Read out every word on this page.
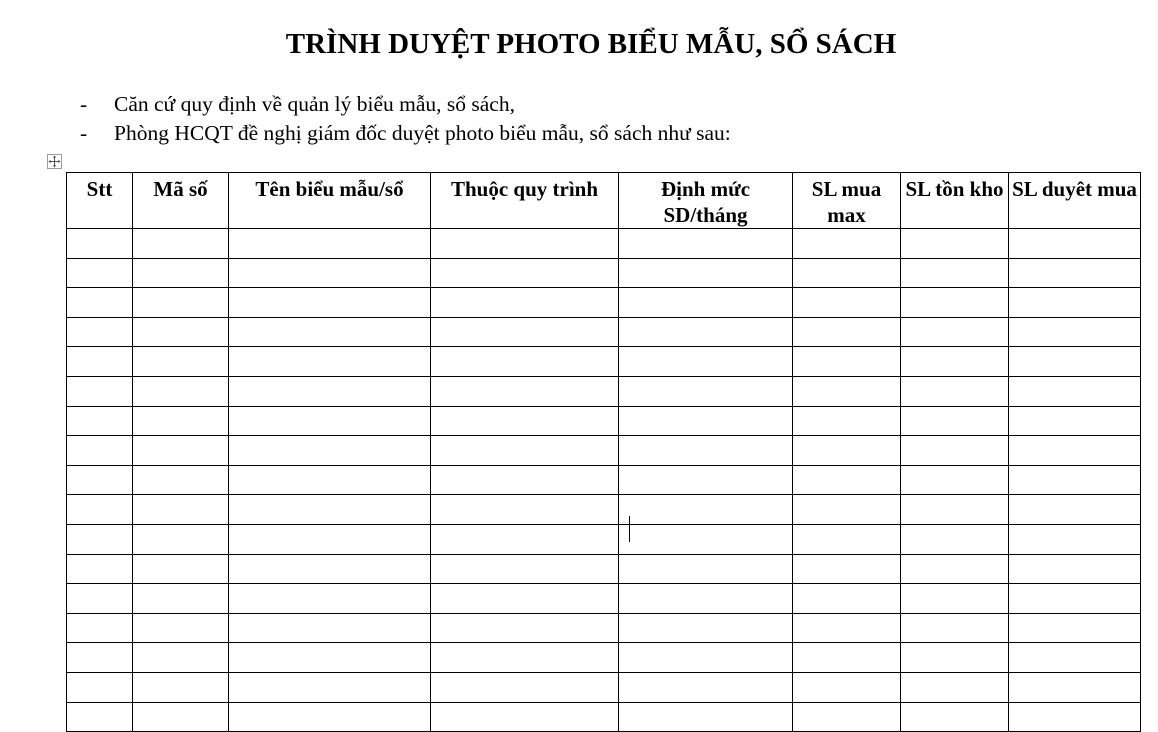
TRÌNH DUYỆT PHOTO BIỂU MẪU, SỔ SÁCH
- Căn cứ quy định về quản lý biểu mẫu, sổ sách,
- Phòng HCQT đề nghị giám đốc duyệt photo biểu mẫu, sổ sách như sau:
Stt	Mã số	Tên biểu mẫu/sổ	Thuộc quy trình	Định mức SD/tháng	SL mua max	SL tồn kho	SL duyêt mua
